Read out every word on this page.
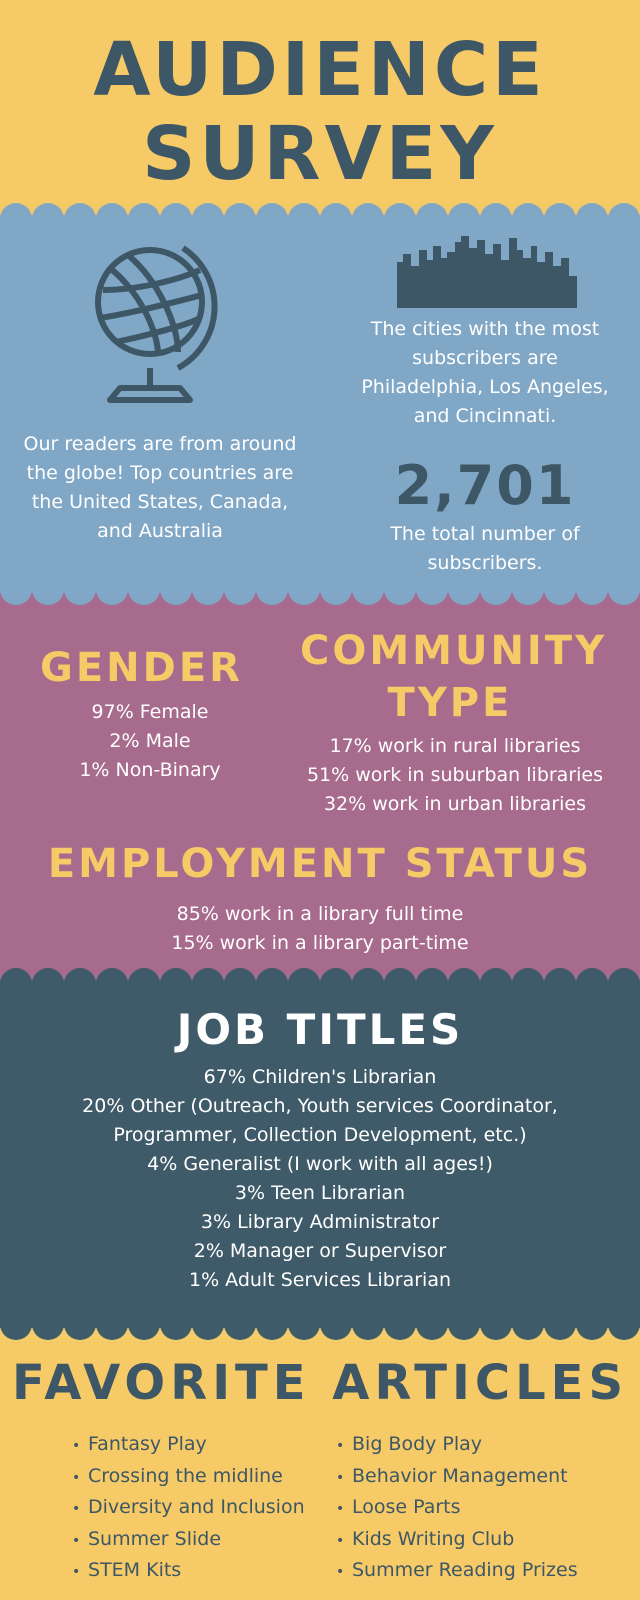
AUDIENCE
SURVEY
The cities with the most
subscribers are
Philadelphia, Los Angeles,
and Cincinnati.
Our readers are from around
the globe! Top countries are
the United States, Canada,
and Australia
2,701
The total number of
subscribers.
GENDER
97% Female
2% Male
1% Non-Binary
COMMUNITY
TYPE
17% work in rural libraries
51% work in suburban libraries
32% work in urban libraries
EMPLOYMENT STATUS
85% work in a library full time
15% work in a library part-time
JOB TITLES
67% Children's Librarian
20% Other (Outreach, Youth services Coordinator,
Programmer, Collection Development, etc.)
4% Generalist (I work with all ages!)
3% Teen Librarian
3% Library Administrator
2% Manager or Supervisor
1% Adult Services Librarian
FAVORITE ARTICLES
• Fantasy Play
• Crossing the midline
• Diversity and Inclusion
• Summer Slide
• STEM Kits
• Big Body Play
• Behavior Management
• Loose Parts
• Kids Writing Club
• Summer Reading Prizes
